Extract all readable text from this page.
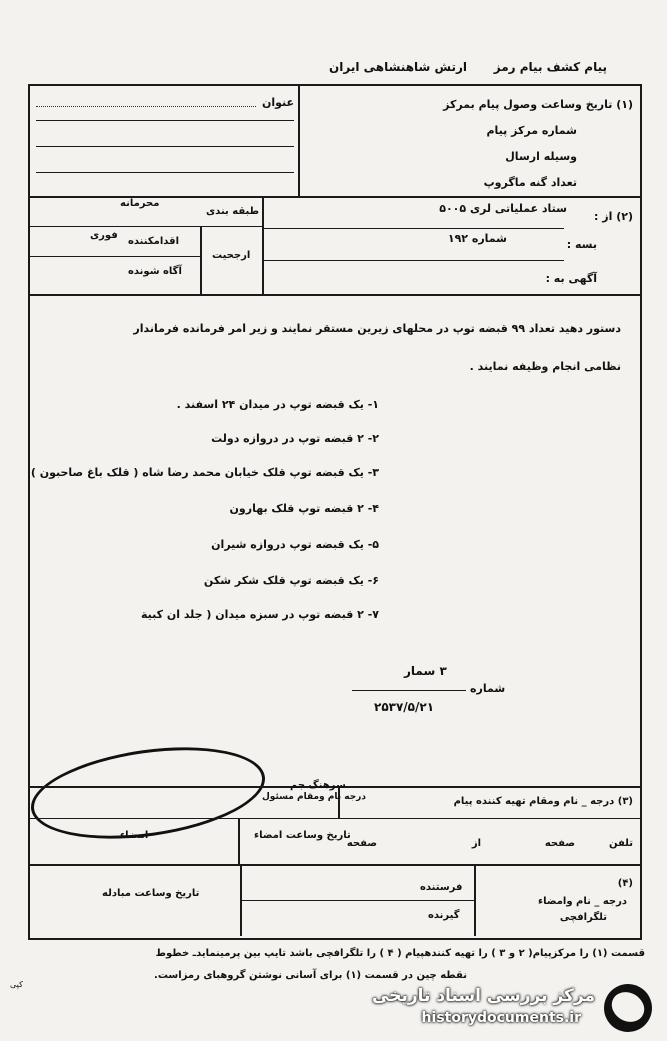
پیام کشف بیام رمز
ارتش شاهنشاهی ایران
عنوان	(۱) تاریخ وساعت وصول پیام بمرکز
شماره مرکز پیام
وسیله ارسال
تعداد گنه ماگروپ
(۲) از :
ستاد عملیاتی لری ۵۰۰۵
شماره ۱۹۲	بسه :
آگهی به :
طبقه بندی
محرمانه
ارجحیت
اقدامکننده
فوری
آگاه شونده
دستور دهید تعداد ۹۹ قبضه توپ در محلهای زیرین مستقر نمایند و زیر امر فرمانده فرماندار
نظامی انجام وظیفه نمایند .
۱- یک قبضه توپ در میدان ۲۴ اسفند .
۲- ۲ قبضه توپ در دروازه دولت
۳- یک قبضه توپ قلک خیابان محمد رضا شاه ( قلک باغ صاحبون )
۴- ۲ قبضه توپ قلک بهارون
۵- یک قبضه توپ دروازه شیران
۶- یک قبضه توپ قلک شکر شکن
۷- ۲ قبضه توپ در سبزه میدان ( جلد ان کبیة
۳ سمار
شماره
۲۵۳۷/۵/۲۱
(۳) درجه _ نام ومقام تهیه کننده پیام
درجه نام ومقام مسئول
سرهنگ جم
تلفن
صفحه
از
صفحه
تاریخ وساعت امضاء
امضاء
(۴)
درجه _ نام وامضاء
تلگرافچی
فرستنده
گیرنده
تاریخ وساعت مبادله
قسمت (۱) را مرکزپیام( ۲ و ۳ ) را تهیه کنندهپیام ( ۴ ) را تلگرافچی باشد تایپ بین پرمینمایدـ خطوط
نقطه چین در قسمت (۱) برای آسانی نوشتن گروهبای رمزاست.
کپی
مرکز بررسی اسناد تاریخی
historydocuments.ir
